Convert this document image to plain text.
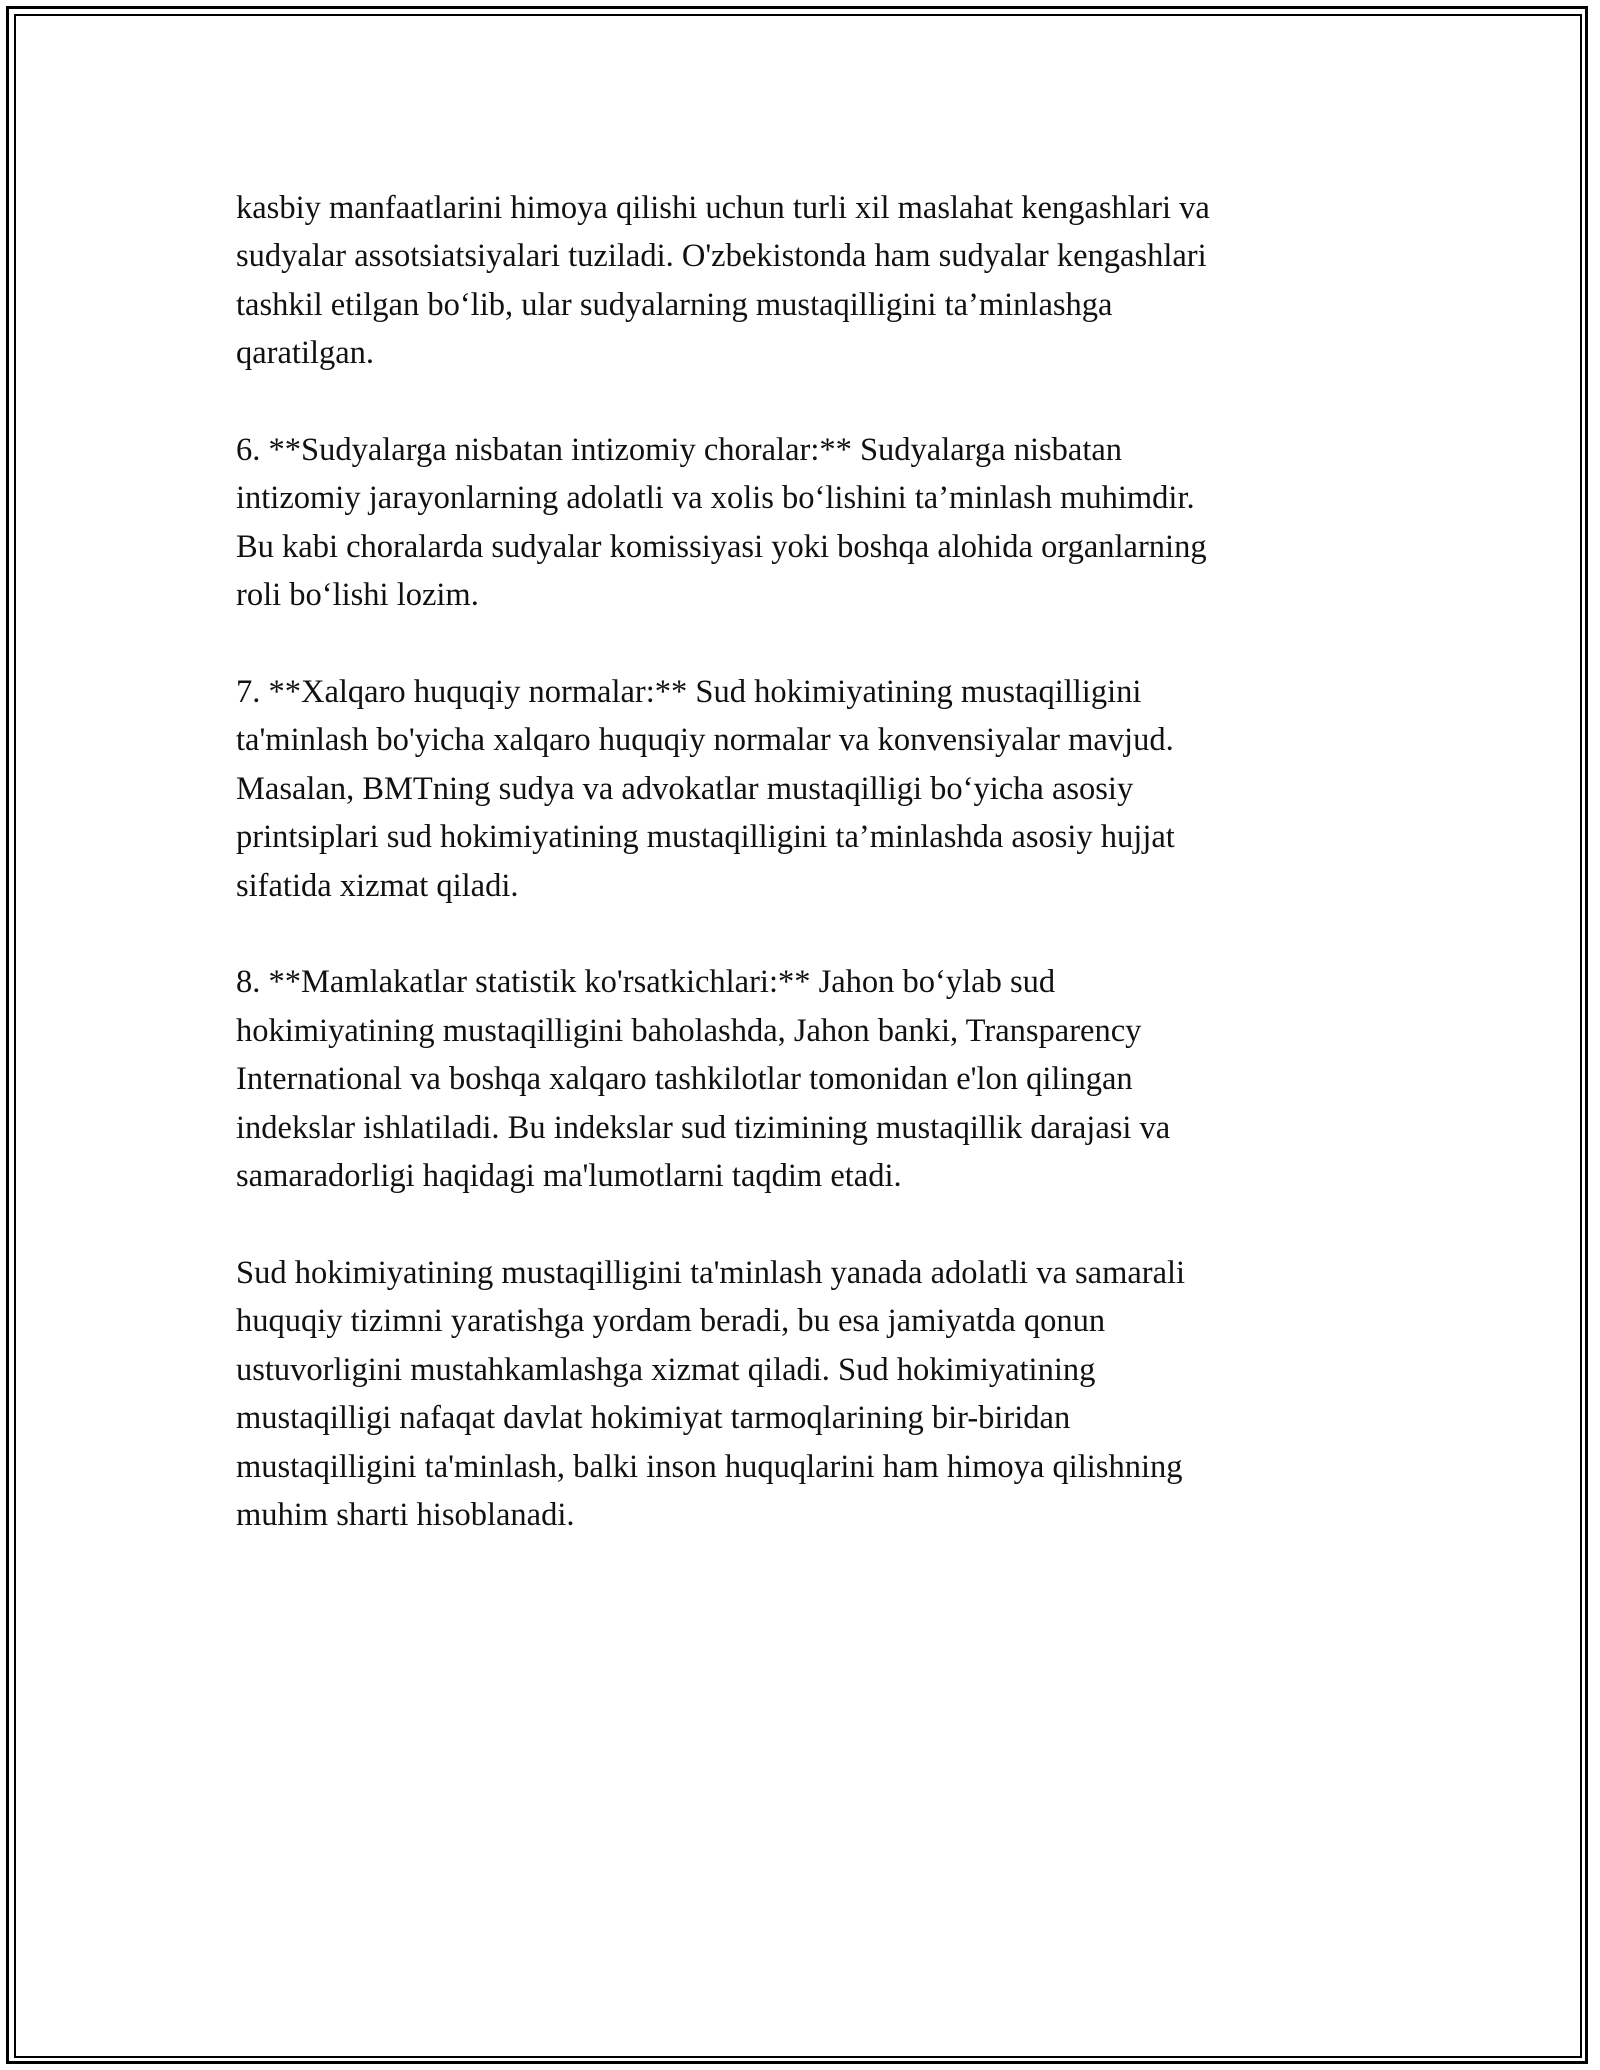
kasbiy manfaatlarini himoya qilishi uchun turli xil maslahat kengashlari va
sudyalar assotsiatsiyalari tuziladi. O'zbekistonda ham sudyalar kengashlari
tashkil etilgan bo‘lib, ular sudyalarning mustaqilligini ta’minlashga
qaratilgan.

6. **Sudyalarga nisbatan intizomiy choralar:** Sudyalarga nisbatan
intizomiy jarayonlarning adolatli va xolis bo‘lishini ta’minlash muhimdir.
Bu kabi choralarda sudyalar komissiyasi yoki boshqa alohida organlarning
roli bo‘lishi lozim.

7. **Xalqaro huquqiy normalar:** Sud hokimiyatining mustaqilligini
ta'minlash bo'yicha xalqaro huquqiy normalar va konvensiyalar mavjud.
Masalan, BMTning sudya va advokatlar mustaqilligi bo‘yicha asosiy
printsiplari sud hokimiyatining mustaqilligini ta’minlashda asosiy hujjat
sifatida xizmat qiladi.

8. **Mamlakatlar statistik ko'rsatkichlari:** Jahon bo‘ylab sud
hokimiyatining mustaqilligini baholashda, Jahon banki, Transparency
International va boshqa xalqaro tashkilotlar tomonidan e'lon qilingan
indekslar ishlatiladi. Bu indekslar sud tizimining mustaqillik darajasi va
samaradorligi haqidagi ma'lumotlarni taqdim etadi.

Sud hokimiyatining mustaqilligini ta'minlash yanada adolatli va samarali
huquqiy tizimni yaratishga yordam beradi, bu esa jamiyatda qonun
ustuvorligini mustahkamlashga xizmat qiladi. Sud hokimiyatining
mustaqilligi nafaqat davlat hokimiyat tarmoqlarining bir-biridan
mustaqilligini ta'minlash, balki inson huquqlarini ham himoya qilishning
muhim sharti hisoblanadi.
